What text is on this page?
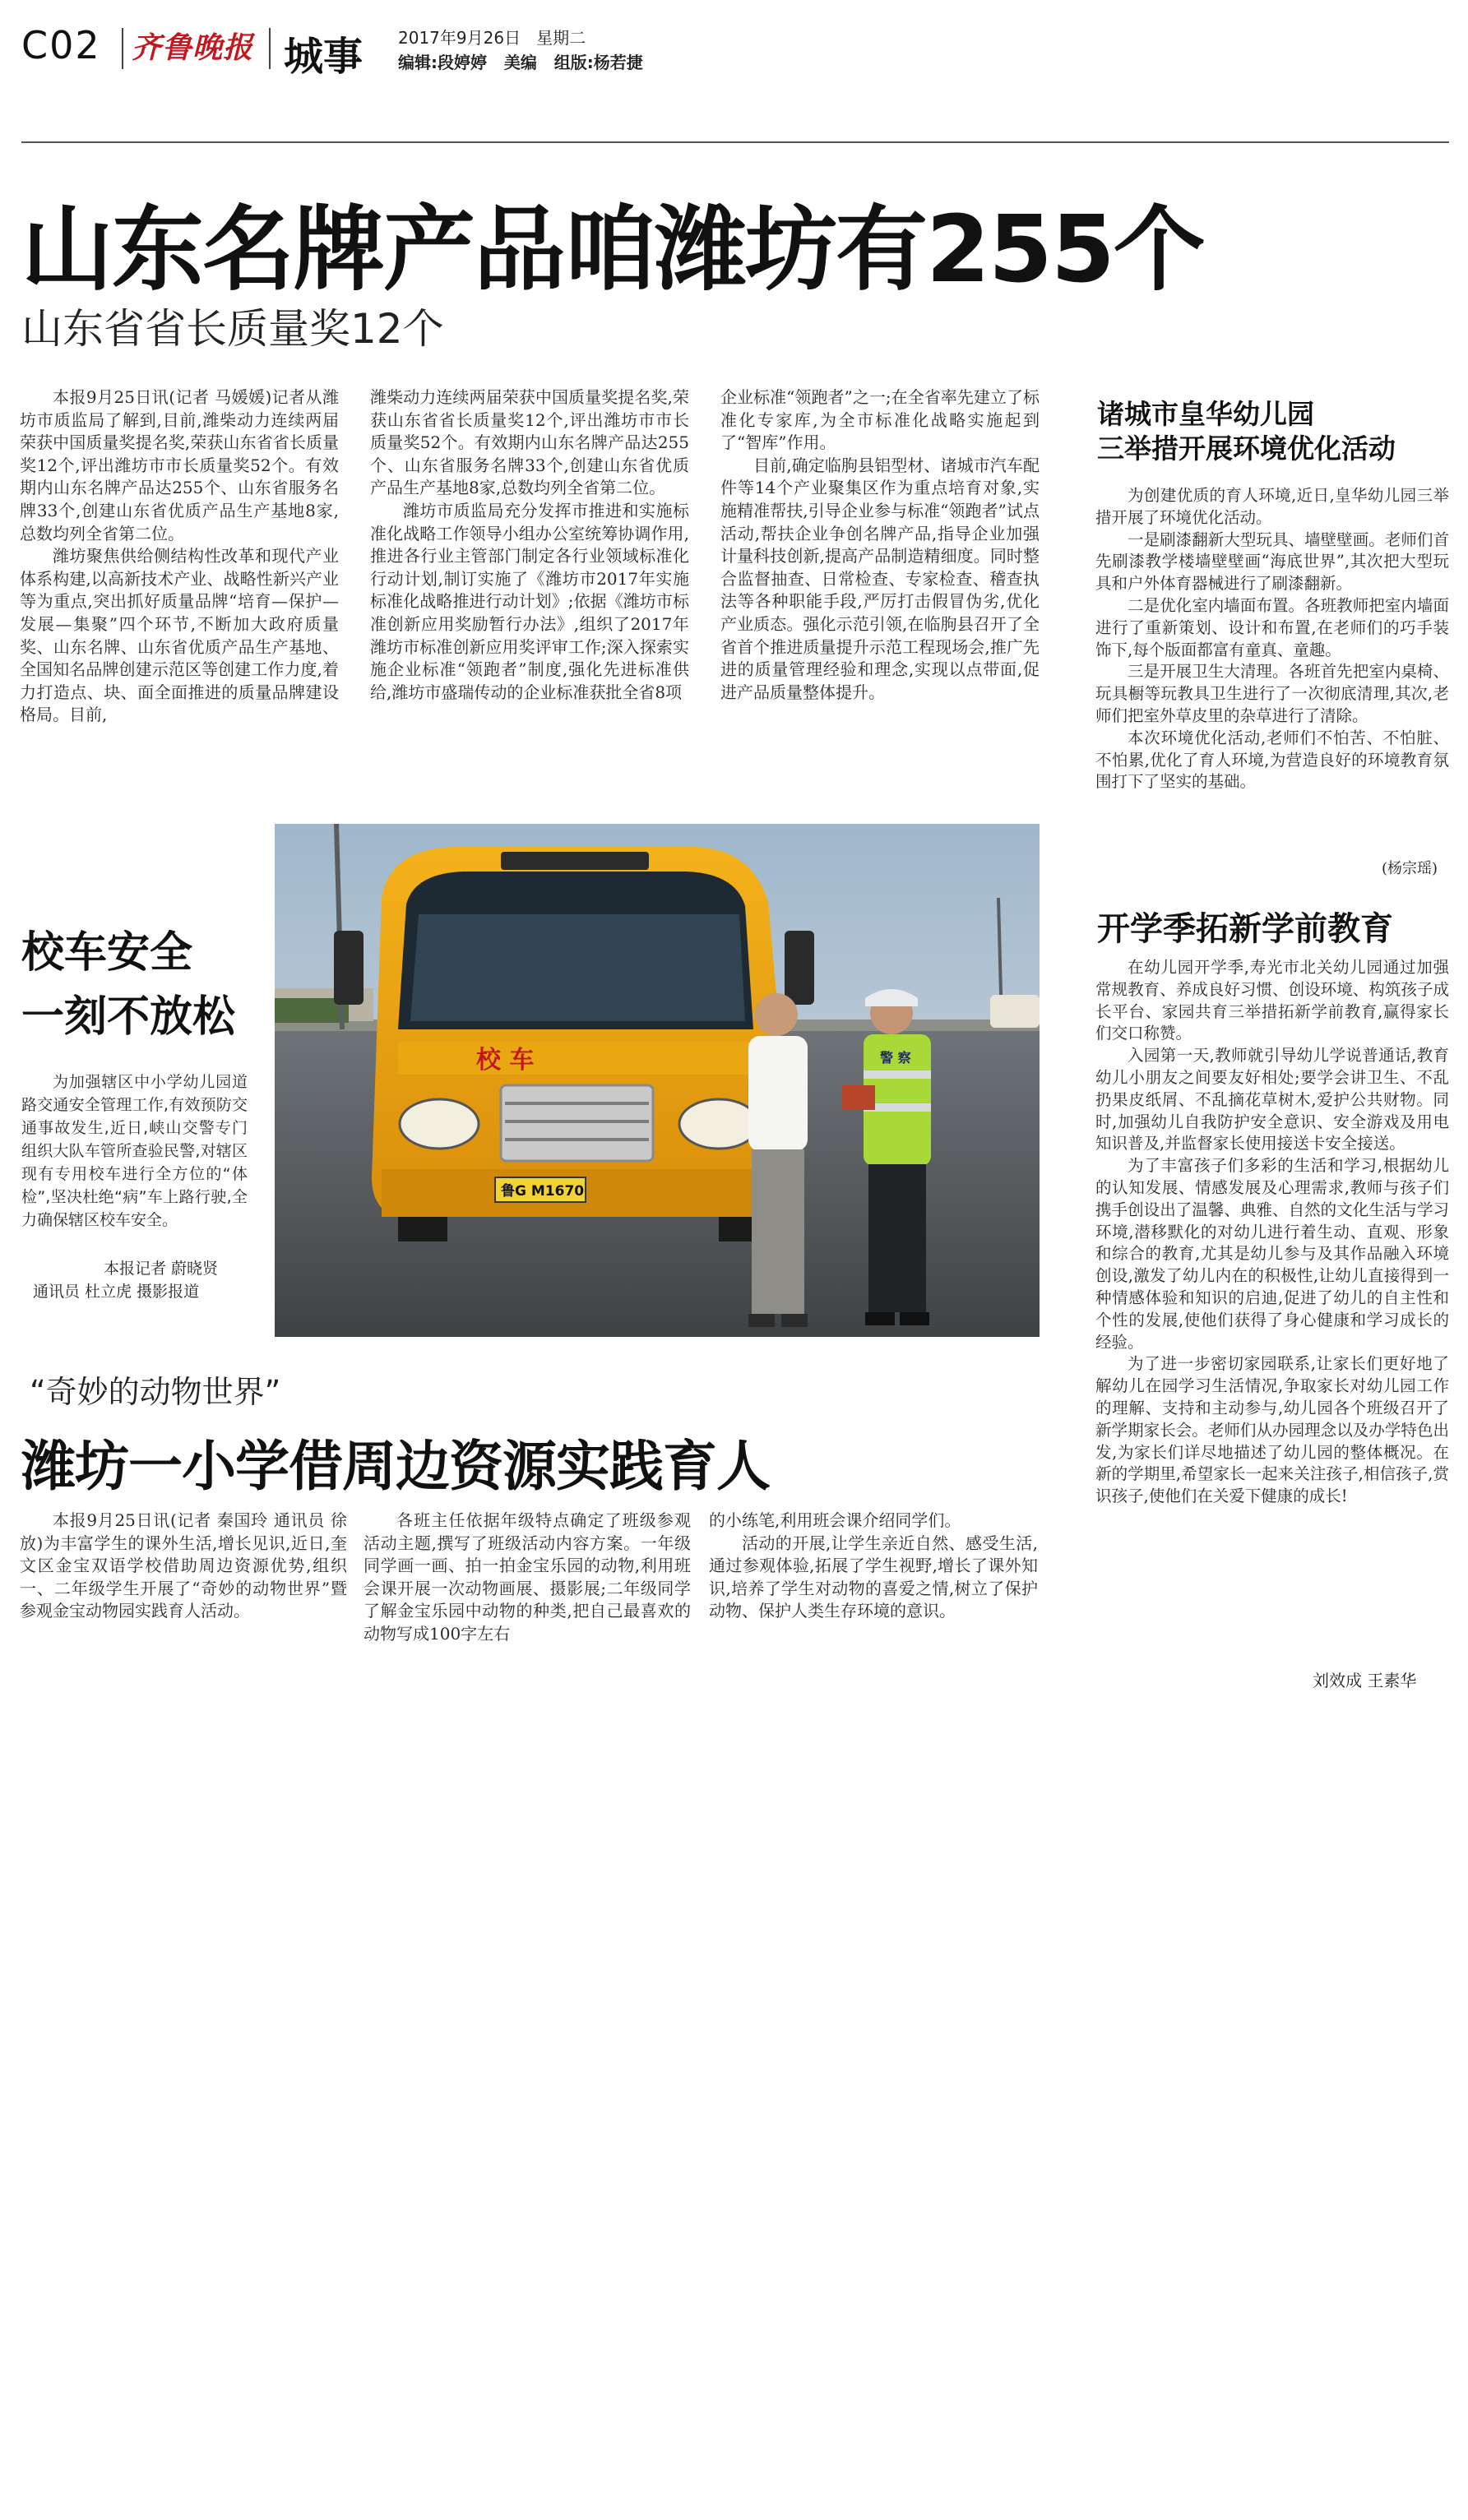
C02 齐鲁晚报 城事 2017年9月26日 星期二
编辑:段婷婷   美编   组版:杨若捷
山东名牌产品咱潍坊有255个
山东省省长质量奖12个

本报9月25日讯(记者 马媛媛)记者从潍坊市质监局了解到,目前,潍柴动力连续两届荣获中国质量奖提名奖,荣获山东省省长质量奖12个,评出潍坊市市长质量奖52个。有效期内山东名牌产品达255个、山东省服务名牌33个,创建山东省优质产品生产基地8家,总数均列全省第二位。

潍坊聚焦供给侧结构性改革和现代产业体系构建,以高新技术产业、战略性新兴产业等为重点,突出抓好质量品牌“培育—保护—发展—集聚”四个环节,不断加大政府质量奖、山东名牌、山东省优质产品生产基地、全国知名品牌创建示范区等创建工作力度,着力打造点、块、面全面推进的质量品牌建设格局。目前,

潍柴动力连续两届荣获中国质量奖提名奖,荣获山东省省长质量奖12个,评出潍坊市市长质量奖52个。有效期内山东名牌产品达255个、山东省服务名牌33个,创建山东省优质产品生产基地8家,总数均列全省第二位。

潍坊市质监局充分发挥市推进和实施标准化战略工作领导小组办公室统筹协调作用,推进各行业主管部门制定各行业领域标准化行动计划,制订实施了《潍坊市2017年实施标准化战略推进行动计划》;依据《潍坊市标准创新应用奖励暂行办法》,组织了2017年潍坊市标准创新应用奖评审工作;深入探索实施企业标准“领跑者”制度,强化先进标准供给,潍坊市盛瑞传动的企业标准获批全省8项

企业标准“领跑者”之一;在全省率先建立了标准化专家库,为全市标准化战略实施起到了“智库”作用。

目前,确定临朐县铝型材、诸城市汽车配件等14个产业聚集区作为重点培育对象,实施精准帮扶,引导企业参与标准“领跑者”试点活动,帮扶企业争创名牌产品,指导企业加强计量科技创新,提高产品制造精细度。同时整合监督抽查、日常检查、专家检查、稽查执法等各种职能手段,严厉打击假冒伪劣,优化产业质态。强化示范引领,在临朐县召开了全省首个推进质量提升示范工程现场会,推广先进的质量管理经验和理念,实现以点带面,促进产品质量整体提升。

校车安全
一刻不放松

为加强辖区中小学幼儿园道路交通安全管理工作,有效预防交通事故发生,近日,峡山交警专门组织大队车管所查验民警,对辖区现有专用校车进行全方位的“体检”,坚决杜绝“病”车上路行驶,全力确保辖区校车安全。

本报记者 蔚晓贤
通讯员 杜立虎 摄影报道
校 车
鲁G M1670
警 察
“奇妙的动物世界”
潍坊一小学借周边资源实践育人

本报9月25日讯(记者 秦国玲 通讯员 徐放)为丰富学生的课外生活,增长见识,近日,奎文区金宝双语学校借助周边资源优势,组织一、二年级学生开展了“奇妙的动物世界”暨参观金宝动物园实践育人活动。

各班主任依据年级特点确定了班级参观活动主题,撰写了班级活动内容方案。一年级同学画一画、拍一拍金宝乐园的动物,利用班会课开展一次动物画展、摄影展;二年级同学了解金宝乐园中动物的种类,把自己最喜欢的动物写成100字左右

的小练笔,利用班会课介绍同学们。

活动的开展,让学生亲近自然、感受生活,通过参观体验,拓展了学生视野,增长了课外知识,培养了学生对动物的喜爱之情,树立了保护动物、保护人类生存环境的意识。

诸城市皇华幼儿园
三举措开展环境优化活动

为创建优质的育人环境,近日,皇华幼儿园三举措开展了环境优化活动。

一是刷漆翻新大型玩具、墙壁壁画。老师们首先刷漆教学楼墙壁壁画“海底世界”,其次把大型玩具和户外体育器械进行了刷漆翻新。

二是优化室内墙面布置。各班教师把室内墙面进行了重新策划、设计和布置,在老师们的巧手装饰下,每个版面都富有童真、童趣。

三是开展卫生大清理。各班首先把室内桌椅、玩具橱等玩教具卫生进行了一次彻底清理,其次,老师们把室外草皮里的杂草进行了清除。

本次环境优化活动,老师们不怕苦、不怕脏、不怕累,优化了育人环境,为营造良好的环境教育氛围打下了坚实的基础。

(杨宗瑶)
开学季拓新学前教育

在幼儿园开学季,寿光市北关幼儿园通过加强常规教育、养成良好习惯、创设环境、构筑孩子成长平台、家园共育三举措拓新学前教育,赢得家长们交口称赞。

入园第一天,教师就引导幼儿学说普通话,教育幼儿小朋友之间要友好相处;要学会讲卫生、不乱扔果皮纸屑、不乱摘花草树木,爱护公共财物。同时,加强幼儿自我防护安全意识、安全游戏及用电知识普及,并监督家长使用接送卡安全接送。

为了丰富孩子们多彩的生活和学习,根据幼儿的认知发展、情感发展及心理需求,教师与孩子们携手创设出了温馨、典雅、自然的文化生活与学习环境,潜移默化的对幼儿进行着生动、直观、形象和综合的教育,尤其是幼儿参与及其作品融入环境创设,激发了幼儿内在的积极性,让幼儿直接得到一种情感体验和知识的启迪,促进了幼儿的自主性和个性的发展,使他们获得了身心健康和学习成长的经验。

为了进一步密切家园联系,让家长们更好地了解幼儿在园学习生活情况,争取家长对幼儿园工作的理解、支持和主动参与,幼儿园各个班级召开了新学期家长会。老师们从办园理念以及办学特色出发,为家长们详尽地描述了幼儿园的整体概况。在新的学期里,希望家长一起来关注孩子,相信孩子,赏识孩子,使他们在关爱下健康的成长!

刘效成 王素华
